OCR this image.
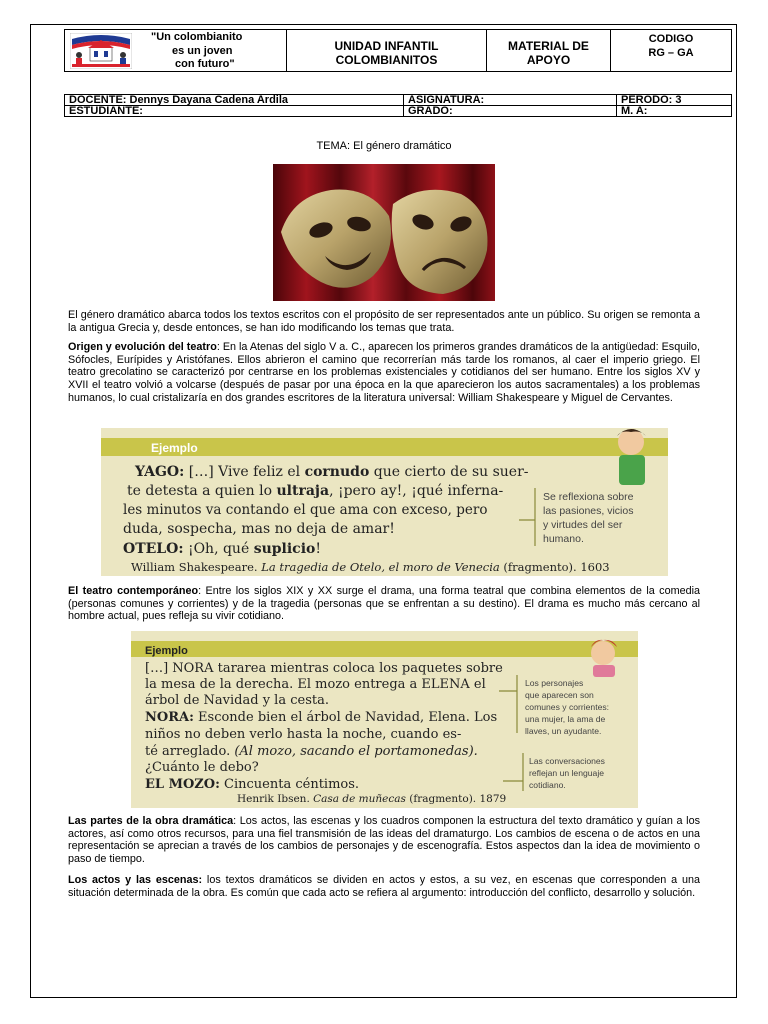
"Un colombianito
es un joven
con futuro"
UNIDAD INFANTIL
COLOMBIANITOS
MATERIAL DE
APOYO
CODIGO
RG – GA
DOCENTE: Dennys Dayana Cadena Ardila	ASIGNATURA:	PERODO: 3
ESTUDIANTE:	GRADO:	M. A:
TEMA: El género dramático

El género dramático abarca todos los textos escritos con el propósito de ser representados ante un público. Su origen se remonta a la antigua Grecia y, desde entonces, se han ido modificando los temas que trata.

Origen y evolución del teatro: En la Atenas del siglo V a. C., aparecen los primeros grandes dramáticos de la antigüedad: Esquilo, Sófocles, Eurípides y Aristófanes. Ellos abrieron el camino que recorrerían más tarde los romanos, al caer el imperio griego. El teatro grecolatino se caracterizó por centrarse en los problemas existenciales y cotidianos del ser humano. Entre los siglos XV y XVII el teatro volvió a volcarse (después de pasar por una época en la que aparecieron los autos sacramentales) a los problemas humanos, lo cual cristalizaría en dos grandes escritores de la literatura universal: William Shakespeare y Miguel de Cervantes.

Ejemplo
YAGO: […] Vive feliz el cornudo que cierto de su suer-
te detesta a quien lo ultraja, ¡pero ay!, ¡qué inferna-
les minutos va contando el que ama con exceso, pero
duda, sospecha, mas no deja de amar!
OTELO: ¡Oh, qué suplicio!
William Shakespeare. La tragedia de Otelo, el moro de Venecia (fragmento). 1603
Se reflexiona sobre
las pasiones, vicios
y virtudes del ser
humano.

El teatro contemporáneo: Entre los siglos XIX y XX surge el drama, una forma teatral que combina elementos de la comedia (personas comunes y corrientes) y de la tragedia (personas que se enfrentan a su destino). El drama es mucho más cercano al hombre actual, pues refleja su vivir cotidiano.

Ejemplo
[…] NORA tararea mientras coloca los paquetes sobre
la mesa de la derecha. El mozo entrega a ELENA el
árbol de Navidad y la cesta.
NORA: Esconde bien el árbol de Navidad, Elena. Los
niños no deben verlo hasta la noche, cuando es-
té arreglado. (Al mozo, sacando el portamonedas).
¿Cuánto le debo?
EL MOZO: Cincuenta céntimos.
Henrik Ibsen. Casa de muñecas (fragmento). 1879
Los personajes
que aparecen son
comunes y corrientes:
una mujer, la ama de
llaves, un ayudante.
Las conversaciones
reflejan un lenguaje
cotidiano.

Las partes de la obra dramática: Los actos, las escenas y los cuadros componen la estructura del texto dramático y guían a los actores, así como otros recursos, para una fiel transmisión de las ideas del dramaturgo. Los cambios de escena o de actos en una representación se aprecian a través de los cambios de personajes y de escenografía. Estos aspectos dan la idea de movimiento o paso de tiempo.

Los actos y las escenas: los textos dramáticos se dividen en actos y estos, a su vez, en escenas que corresponden a una situación determinada de la obra. Es común que cada acto se refiera al argumento: introducción del conflicto, desarrollo y solución.
